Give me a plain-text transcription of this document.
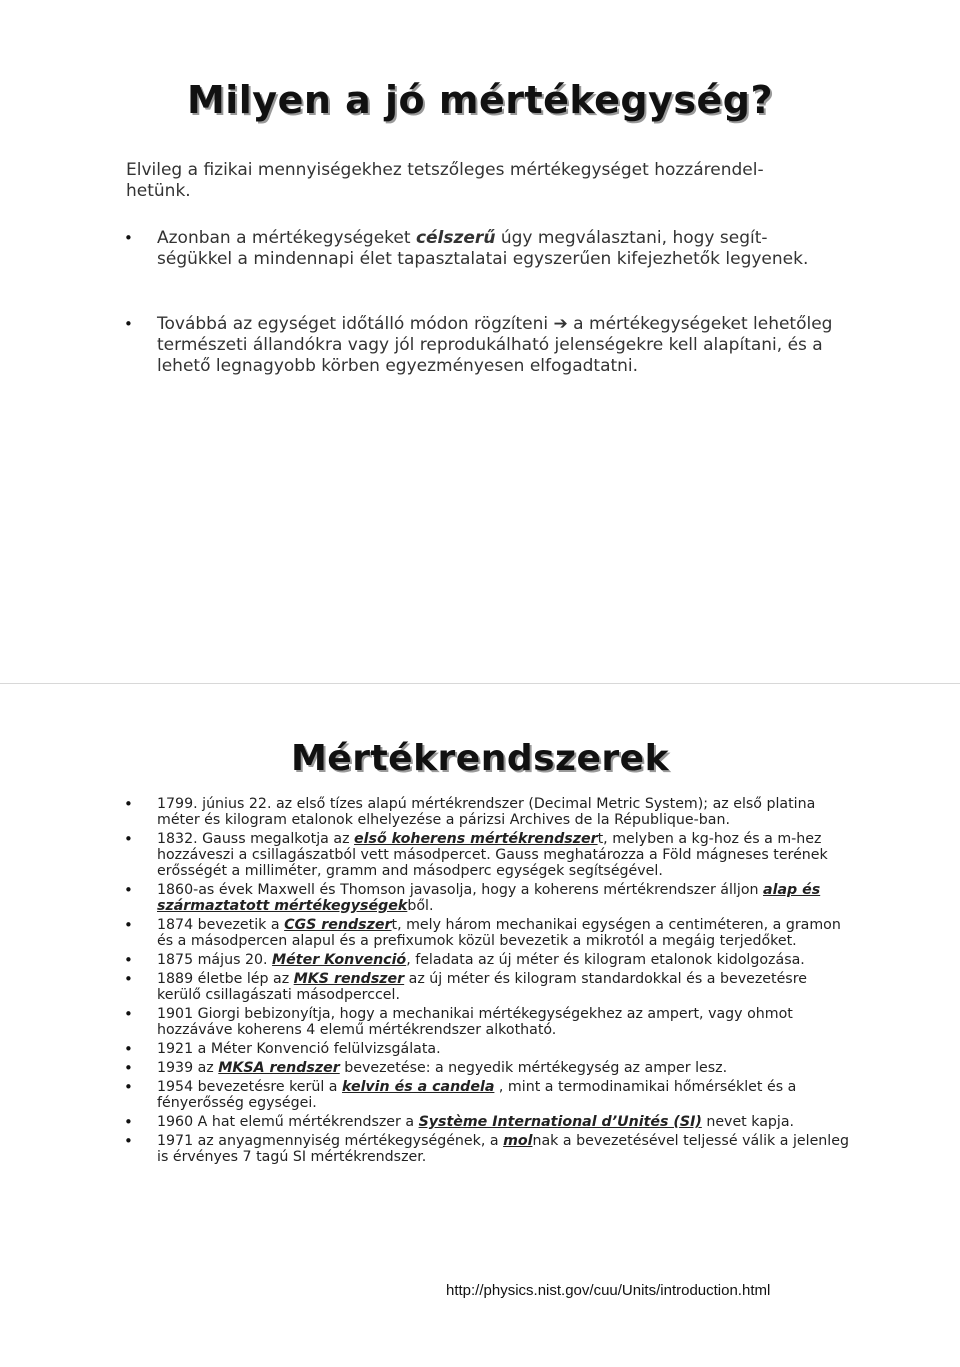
Milyen a jó mértékegység?
Elvileg a fizikai mennyiségekhez tetszőleges mértékegységet hozzárendel-hetünk.
• Azonban a mértékegységeket célszerű úgy megválasztani, hogy segít-ségükkel a mindennapi élet tapasztalatai egyszerűen kifejezhetők legyenek.
• Továbbá az egységet időtálló módon rögzíteni ➔ a mértékegységeket lehetőleg természeti állandókra vagy jól reprodukálható jelenségekre kell alapítani, és a lehető legnagyobb körben egyezményesen elfogadtatni.
Mértékrendszerek
• 1799. június 22. az első tízes alapú mértékrendszer (Decimal Metric System); az első platina méter és kilogram etalonok elhelyezése a párizsi Archives de la République-ban.
• 1832. Gauss megalkotja az első koherens mértékrendszert, melyben a kg-hoz és a m-hez hozzáveszi a csillagászatból vett másodpercet. Gauss meghatározza a Föld mágneses terének erősségét a milliméter, gramm and másodperc egységek segítségével.
• 1860-as évek Maxwell és Thomson javasolja, hogy a koherens mértékrendszer álljon alap és származtatott mértékegységekből.
• 1874 bevezetik a CGS rendszert, mely három mechanikai egységen a centiméteren, a gramon és a másodpercen alapul és a prefixumok közül bevezetik a mikrotól a megáig terjedőket.
• 1875 május 20. Méter Konvenció, feladata az új méter és kilogram etalonok kidolgozása.
• 1889 életbe lép az MKS rendszer az új méter és kilogram standardokkal és a bevezetésre kerülő csillagászati másodperccel.
• 1901 Giorgi bebizonyítja, hogy a mechanikai mértékegységekhez az ampert, vagy ohmot hozzáváve koherens 4 elemű mértékrendszer alkotható.
• 1921 a Méter Konvenció felülvizsgálata.
• 1939 az MKSA rendszer bevezetése: a negyedik mértékegység az amper lesz.
• 1954 bevezetésre kerül a kelvin és a candela , mint a termodinamikai hőmérséklet és a fényerősség egységei.
• 1960 A hat elemű mértékrendszer a Système International d’Unités (SI) nevet kapja.
• 1971 az anyagmennyiség mértékegységének, a molnak a bevezetésével teljessé válik a jelenleg is érvényes 7 tagú SI mértékrendszer.
http://physics.nist.gov/cuu/Units/introduction.html
